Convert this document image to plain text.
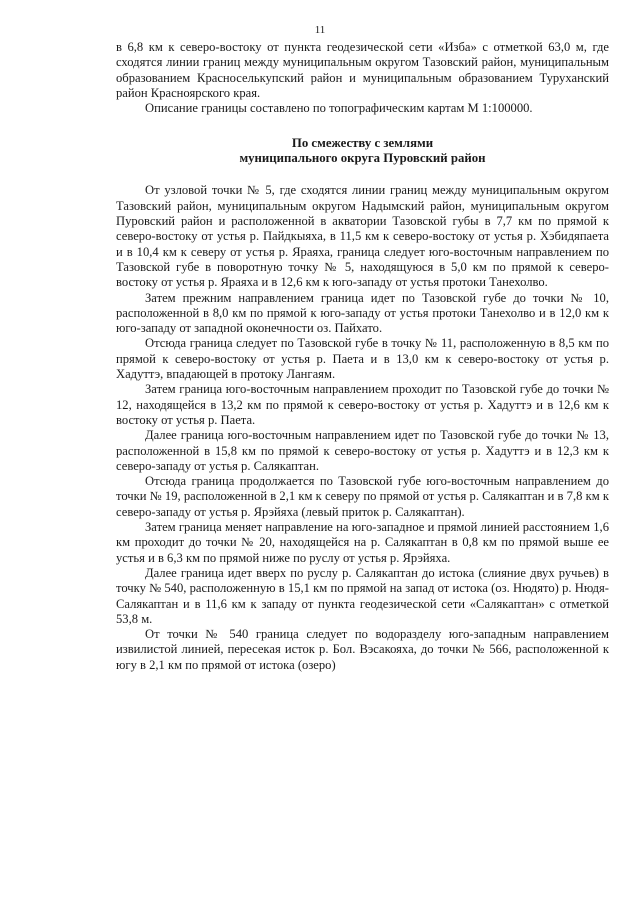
11

в 6,8 км к северо-востоку от пункта геодезической сети «Изба» с отметкой 63,0 м, где сходятся линии границ между муниципальным округом Тазовский район, муниципальным образованием Красноселькупский район и муниципальным образованием Туруханский район Красноярского края.

Описание границы составлено по топографическим картам М 1:100000.

По смежеству с землями
муниципального округа Пуровский район

От узловой точки № 5, где сходятся линии границ между муниципальным округом Тазовский район, муниципальным округом Надымский район, муниципальным округом Пуровский район и расположенной в акватории Тазовской губы в 7,7 км по прямой к северо-востоку от устья р. Пайдкыяха, в 11,5 км к северо-востоку от устья р. Хэбидяпаета и в 10,4 км к северу от устья р. Яраяха, граница следует юго-восточным направлением по Тазовской губе в поворотную точку № 5, находящуюся в 5,0 км по прямой к северо-востоку от устья р. Яраяха и в 12,6 км к юго-западу от устья протоки Танехолво.

Затем прежним направлением граница идет по Тазовской губе до точки № 10, расположенной в 8,0 км по прямой к юго-западу от устья протоки Танехолво и в 12,0 км к юго-западу от западной оконечности оз. Пайхато.

Отсюда граница следует по Тазовской губе в точку № 11, расположенную в 8,5 км по прямой к северо-востоку от устья р. Паета и в 13,0 км к северо-востоку от устья р. Хадуттэ, впадающей в протоку Лангаям.

Затем граница юго-восточным направлением проходит по Тазовской губе до точки № 12, находящейся в 13,2 км по прямой к северо-востоку от устья р. Хадуттэ и в 12,6 км к востоку от устья р. Паета.

Далее граница юго-восточным направлением идет по Тазовской губе до точки № 13, расположенной в 15,8 км по прямой к северо-востоку от устья р. Хадуттэ и в 12,3 км к северо-западу от устья р. Салякаптан.

Отсюда граница продолжается по Тазовской губе юго-восточным направлением до точки № 19, расположенной в 2,1 км к северу по прямой от устья р. Салякаптан и в 7,8 км к северо-западу от устья р. Ярэйяха (левый приток р. Салякаптан).

Затем граница меняет направление на юго-западное и прямой линией расстоянием 1,6 км проходит до точки № 20, находящейся на р. Салякаптан в 0,8 км по прямой выше ее устья и в 6,3 км по прямой ниже по руслу от устья р. Ярэйяха.

Далее граница идет вверх по руслу р. Салякаптан до истока (слияние двух ручьев) в точку № 540, расположенную в 15,1 км по прямой на запад от истока (оз. Нюдято) р. Нюдя-Салякаптан и в 11,6 км к западу от пункта геодезической сети «Салякаптан» с отметкой 53,8 м.

От точки № 540 граница следует по водоразделу юго-западным направлением извилистой линией, пересекая исток р. Бол. Вэсакояха, до точки № 566, расположенной к югу в 2,1 км по прямой от истока (озеро)
